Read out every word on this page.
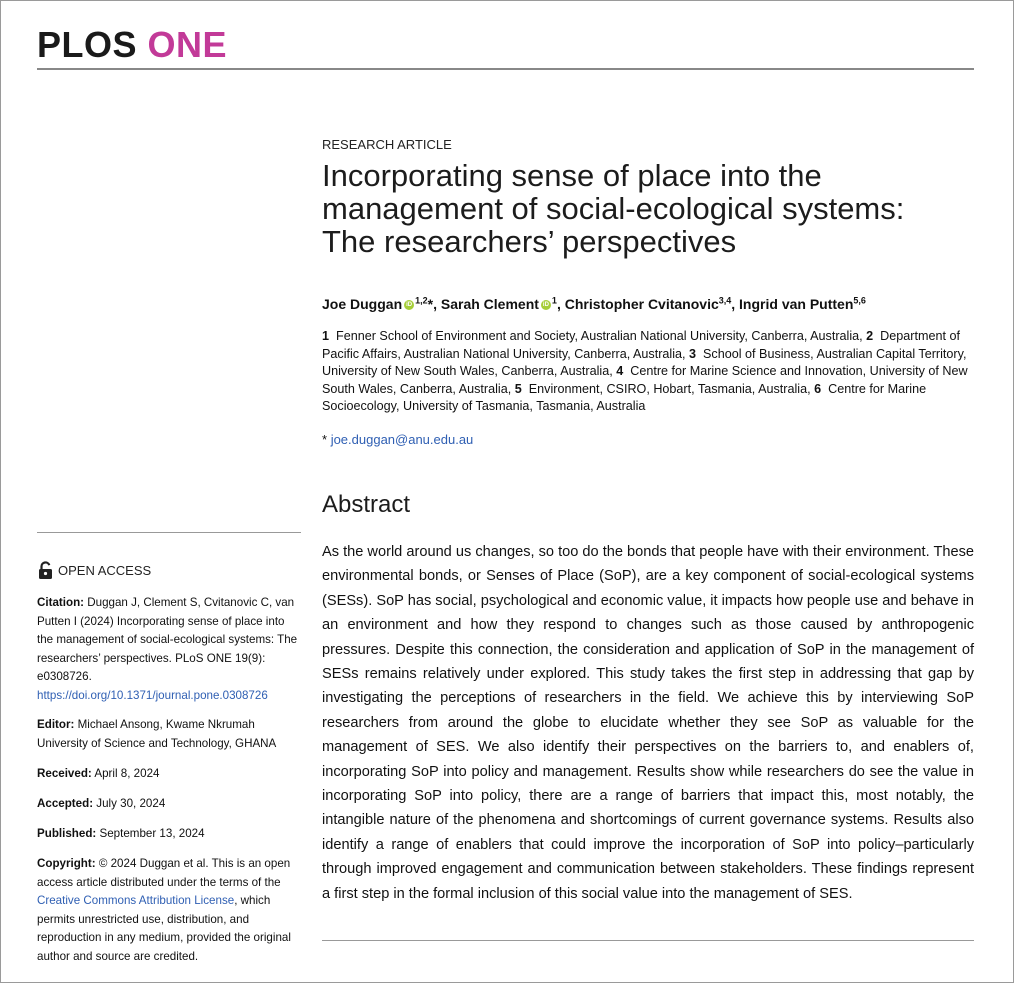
PLOS ONE
RESEARCH ARTICLE
Incorporating sense of place into the management of social-ecological systems: The researchers’ perspectives
Joe Duggan iD $^{1,2}$*, Sarah Clement iD $^1$, Christopher Cvitanovic$^{3,4}$, Ingrid van Putten$^{5,6}$
1 Fenner School of Environment and Society, Australian National University, Canberra, Australia, 2 Department of Pacific Affairs, Australian National University, Canberra, Australia, 3 School of Business, Australian Capital Territory, University of New South Wales, Canberra, Australia, 4 Centre for Marine Science and Innovation, University of New South Wales, Canberra, Australia, 5 Environment, CSIRO, Hobart, Tasmania, Australia, 6 Centre for Marine Socioecology, University of Tasmania, Tasmania, Australia
* joe.duggan@anu.edu.au
Abstract
As the world around us changes, so too do the bonds that people have with their environment. These environmental bonds, or Senses of Place (SoP), are a key component of social-ecological systems (SESs). SoP has social, psychological and economic value, it impacts how people use and behave in an environment and how they respond to changes such as those caused by anthropogenic pressures. Despite this connection, the consideration and application of SoP in the management of SESs remains relatively under explored. This study takes the first step in addressing that gap by investigating the perceptions of researchers in the field. We achieve this by interviewing SoP researchers from around the globe to elucidate whether they see SoP as valuable for the management of SES. We also identify their perspectives on the barriers to, and enablers of, incorporating SoP into policy and management. Results show while researchers do see the value in incorporating SoP into policy, there are a range of barriers that impact this, most notably, the intangible nature of the phenomena and shortcomings of current governance systems. Results also identify a range of enablers that could improve the incorporation of SoP into policy–particularly through improved engagement and communication between stakeholders. These findings represent a first step in the formal inclusion of this social value into the management of SES.
OPEN ACCESS
Citation: Duggan J, Clement S, Cvitanovic C, van Putten I (2024) Incorporating sense of place into the management of social-ecological systems: The researchers’ perspectives. PLoS ONE 19(9): e0308726. https://doi.org/10.1371/journal.pone.0308726
Editor: Michael Ansong, Kwame Nkrumah University of Science and Technology, GHANA
Received: April 8, 2024
Accepted: July 30, 2024
Published: September 13, 2024
Copyright: © 2024 Duggan et al. This is an open access article distributed under the terms of the Creative Commons Attribution License, which permits unrestricted use, distribution, and reproduction in any medium, provided the original author and source are credited.
